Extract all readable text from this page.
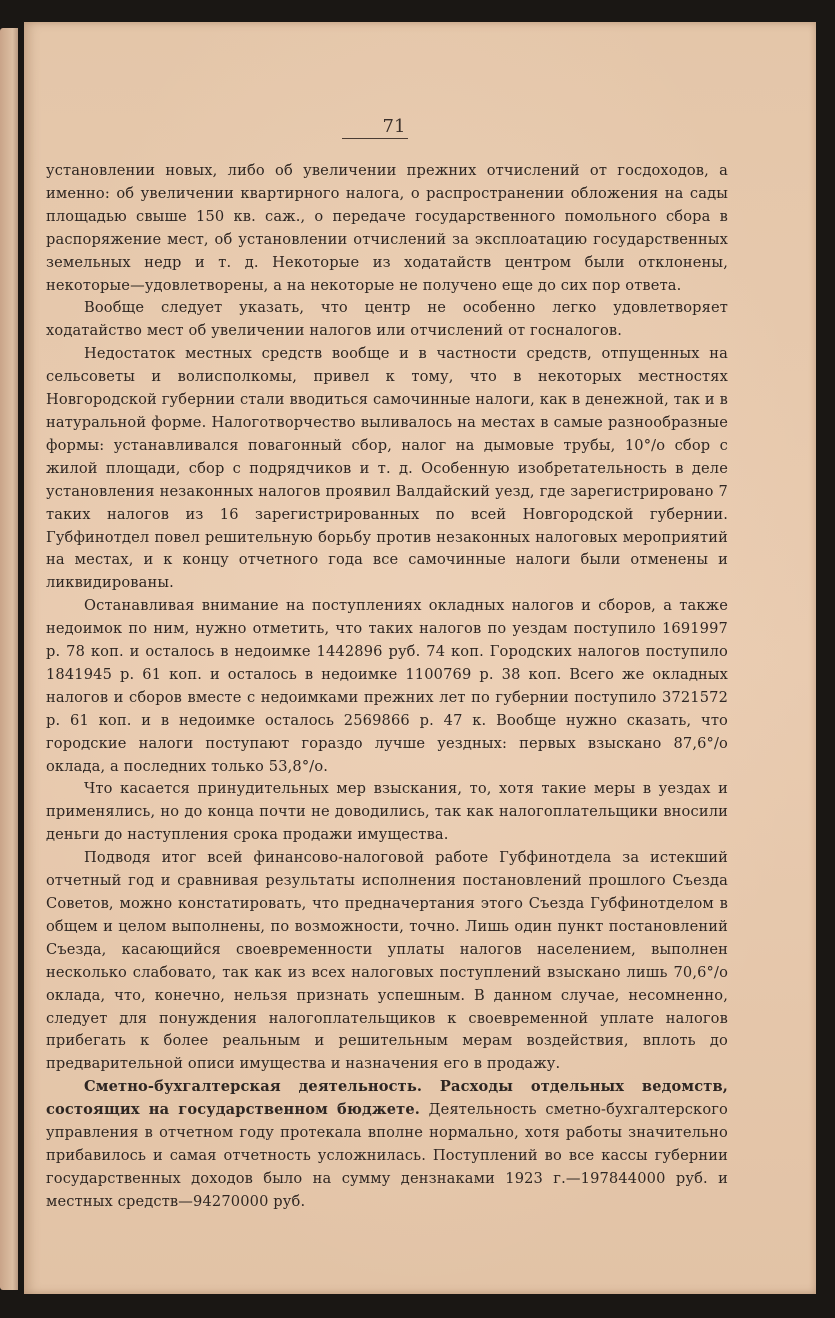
71

установлении новых, либо об увеличении прежних отчислений от госдоходов, а именно: об увеличении квартирного налога, о распространении обложения на сады площадью свыше 150 кв. саж., о передаче государственного помольного сбора в распоряжение мест, об установлении отчислений за эксплоатацию государственных земельных недр и т. д. Некоторые из ходатайств центром были отклонены, некоторые—удовлетворены, а на некоторые не получено еще до сих пор ответа.

Вообще следует указать, что центр не особенно легко удовлетворяет ходатайство мест об увеличении налогов или отчислений от госналогов.

Недостаток местных средств вообще и в частности средств, отпущенных на сельсоветы и волисполкомы, привел к тому, что в некоторых местностях Новгородской губернии стали вводиться самочинные налоги, как в денежной, так и в натуральной форме. Налоготворчество выливалось на местах в самые разнообразные формы: устанавливался повагонный сбор, налог на дымовые трубы, 10°/о сбор с жилой площади, сбор с подрядчиков и т. д. Особенную изобретательность в деле установления незаконных налогов проявил Валдайский уезд, где зарегистрировано 7 таких налогов из 16 зарегистрированных по всей Новгородской губернии. Губфинотдел повел решительную борьбу против незаконных налоговых мероприятий на местах, и к концу отчетного года все самочинные налоги были отменены и ликвидированы.

Останавливая внимание на поступлениях окладных налогов и сборов, а также недоимок по ним, нужно отметить, что таких налогов по уездам поступило 1691997 р. 78 коп. и осталось в недоимке 1442896 руб. 74 коп. Городских налогов поступило 1841945 р. 61 коп. и осталось в недоимке 1100769 р. 38 коп. Всего же окладных налогов и сборов вместе с недоимками прежних лет по губернии поступило 3721572 р. 61 коп. и в недоимке осталось 2569866 р. 47 к. Вообще нужно сказать, что городские налоги поступают гораздо лучше уездных: первых взыскано 87,6°/о оклада, а последних только 53,8°/о.

Что касается принудительных мер взыскания, то, хотя такие меры в уездах и применялись, но до конца почти не доводились, так как налогоплательщики вносили деньги до наступления срока продажи имущества.

Подводя итог всей финансово-налоговой работе Губфинотдела за истекший отчетный год и сравнивая результаты исполнения постановлений прошлого Съезда Советов, можно констатировать, что предначертания этого Съезда Губфинотделом в общем и целом выполнены, по возможности, точно. Лишь один пункт постановлений Съезда, касающийся своевременности уплаты налогов населением, выполнен несколько слабовато, так как из всех налоговых поступлений взыскано лишь 70,6°/о оклада, что, конечно, нельзя признать успешным. В данном случае, несомненно, следует для понуждения налогоплательщиков к своевременной уплате налогов прибегать к более реальным и решительным мерам воздействия, вплоть до предварительной описи имущества и назначения его в продажу.

Сметно-бухгалтерская деятельность. Расходы отдельных ведомств, состоящих на государственном бюджете. Деятельность сметно-бухгалтерского управления в отчетном году протекала вполне нормально, хотя работы значительно прибавилось и самая отчетность усложнилась. Поступлений во все кассы губернии государственных доходов было на сумму дензнаками 1923 г.—197844000 руб. и местных средств—94270000 руб.
